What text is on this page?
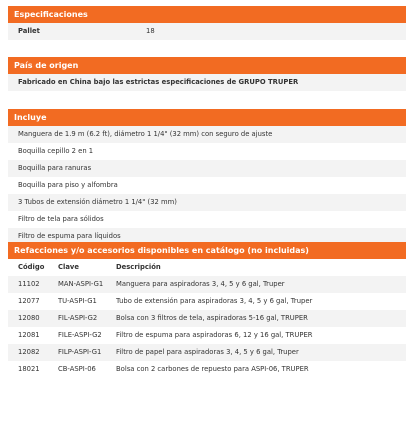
Especificaciones
Pallet	18
País de origen
Fabricado en China bajo las estrictas especificaciones de GRUPO TRUPER
Incluye
Manguera de 1.9 m (6.2 ft), diámetro 1 1/4" (32 mm) con seguro de ajuste
Boquilla cepillo 2 en 1
Boquilla para ranuras
Boquilla para piso y alfombra
3 Tubos de extensión diámetro 1 1/4" (32 mm)
Filtro de tela para sólidos
Filtro de espuma para líquidos
Refacciones y/o accesorios disponibles en catálogo (no incluidas)
Código Clave	Descripción
11102	MAN-ASPI-G1 Manguera para aspiradoras 3, 4, 5 y 6 gal, Truper
12077	TU-ASPI-G1	Tubo de extensión para aspiradoras 3, 4, 5 y 6 gal, Truper
12080	FIL-ASPI-G2	Bolsa con 3 filtros de tela, aspiradoras 5-16 gal, TRUPER
12081	FILE-ASPI-G2 Filtro de espuma para aspiradoras 6, 12 y 16 gal, TRUPER
12082	FILP-ASPI-G1 Filtro de papel para aspiradoras 3, 4, 5 y 6 gal, Truper
18021	CB-ASPI-06	Bolsa con 2 carbones de repuesto para ASPI-06, TRUPER
